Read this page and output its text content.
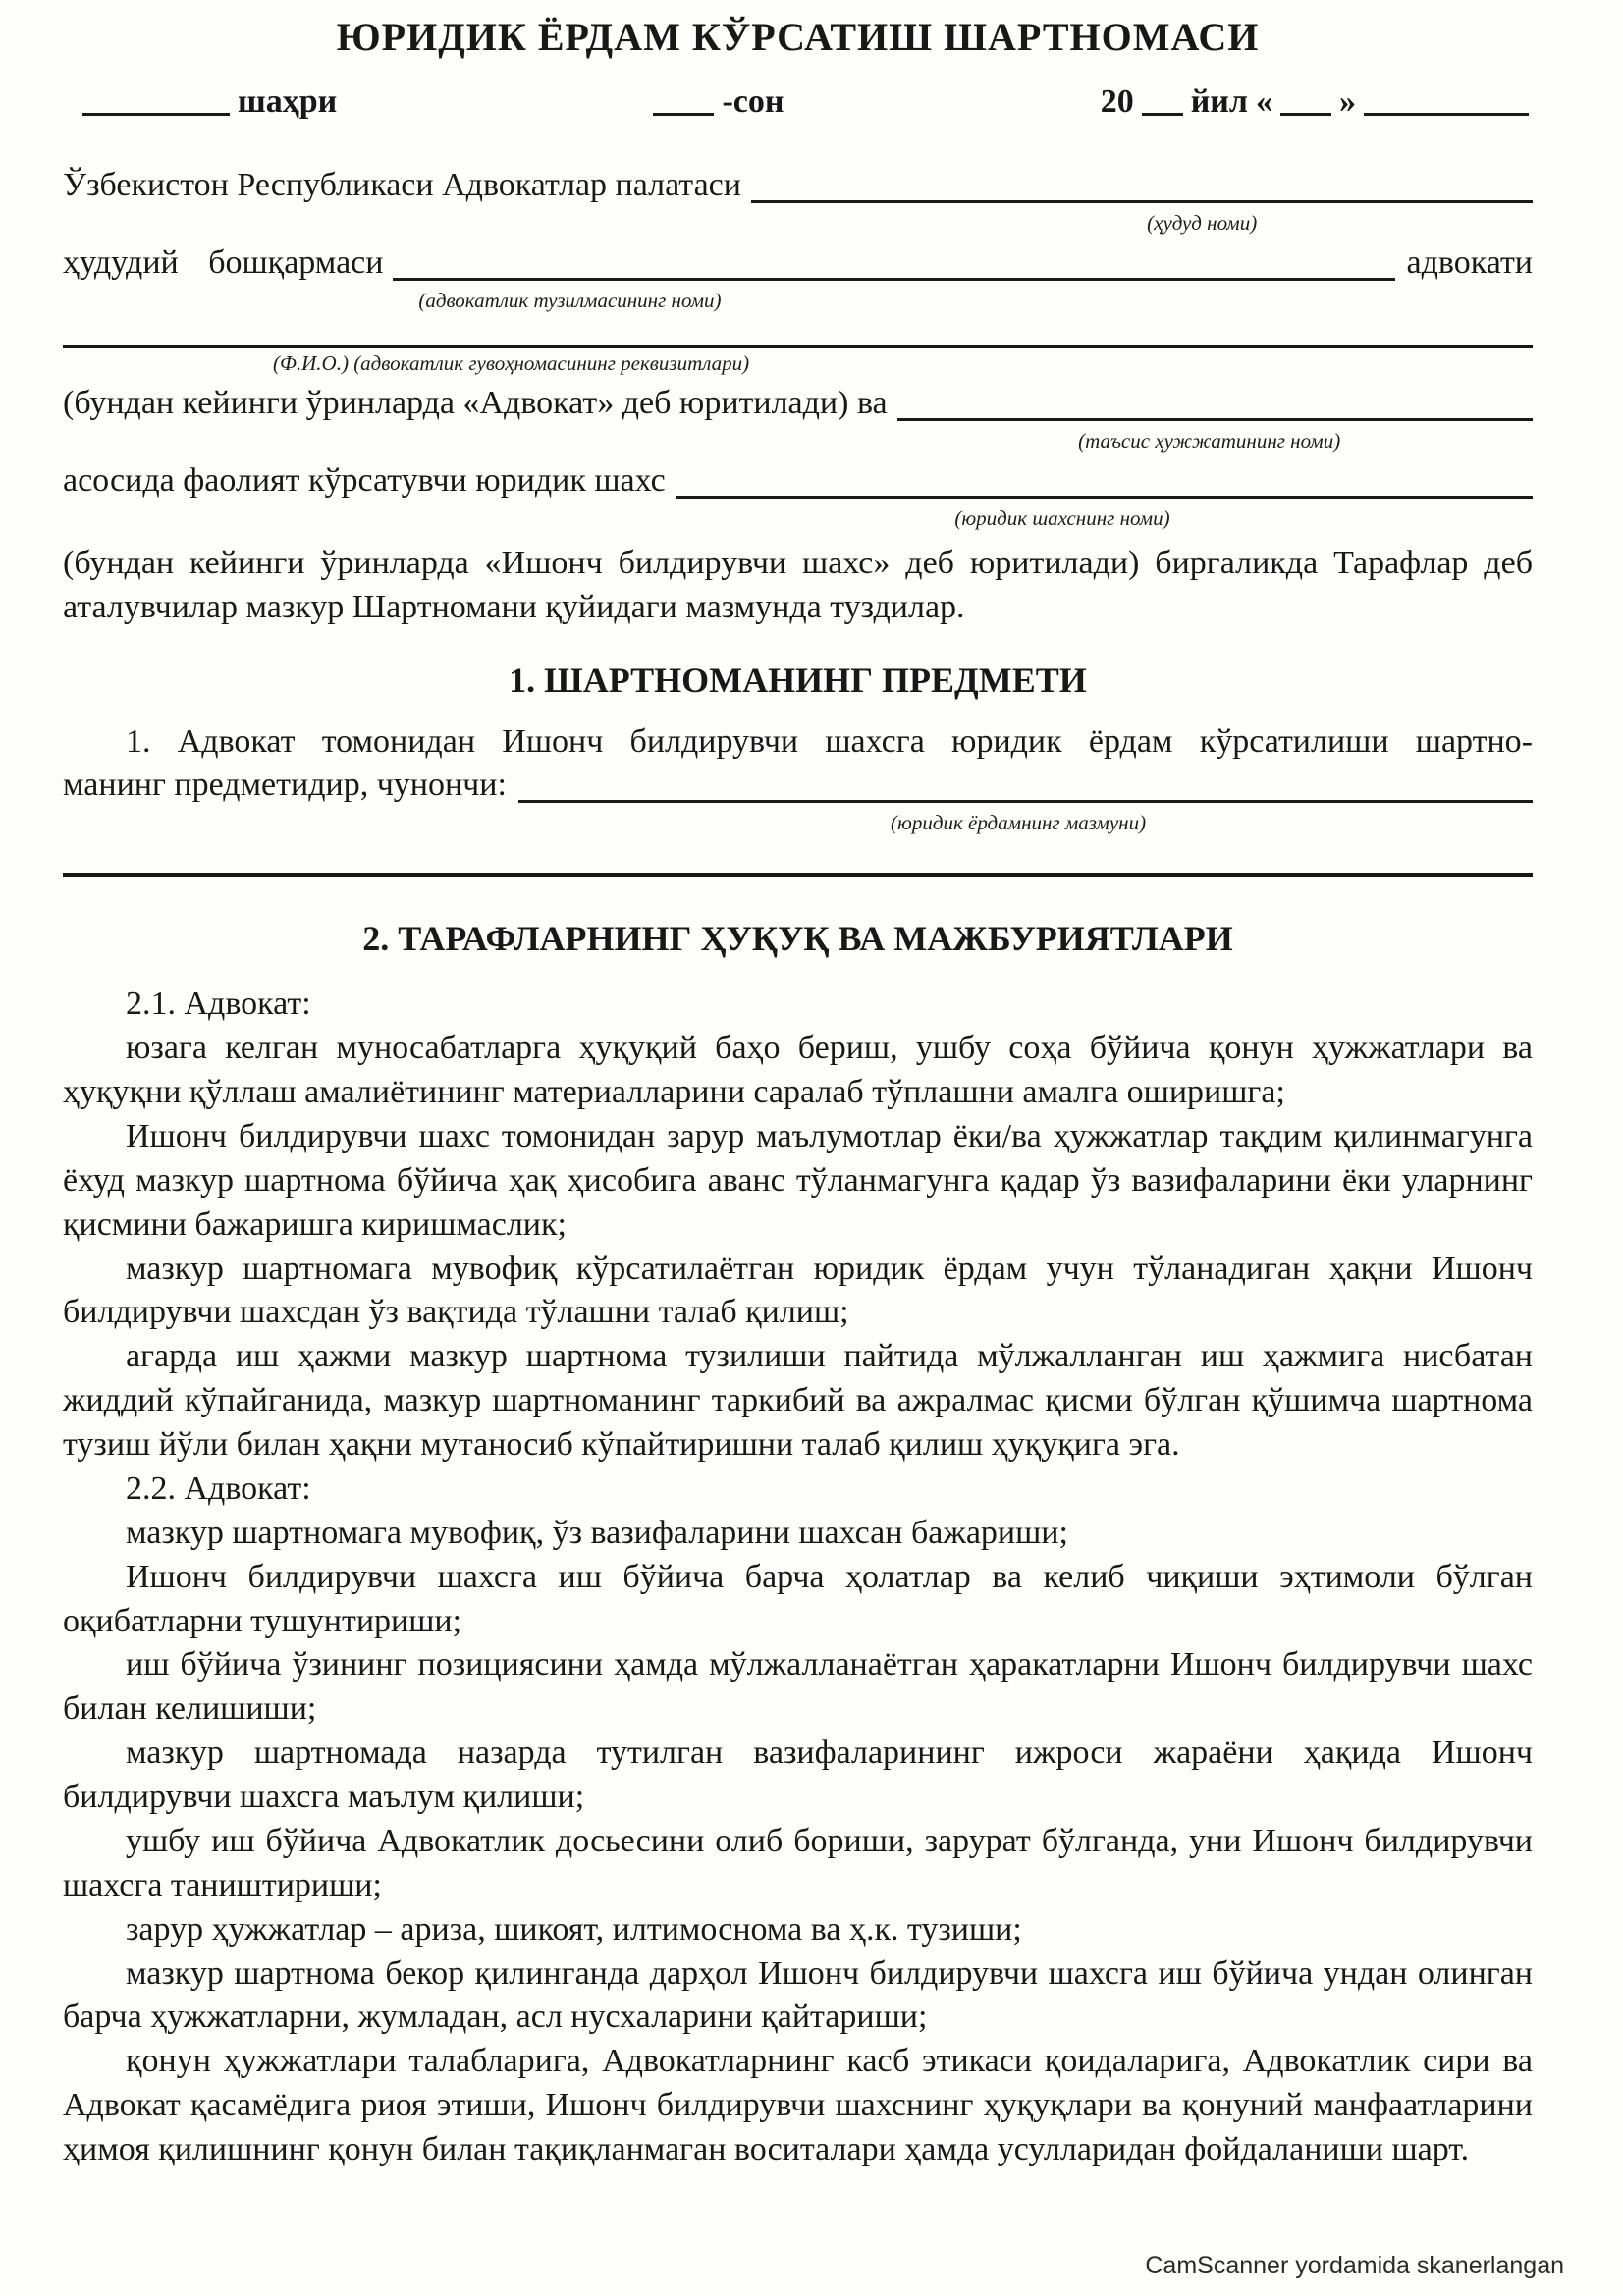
ЮРИДИК ЁРДАМ КЎРСАТИШ ШАРТНОМАСИ
шаҳри	-сон	20 йил « »
Ўзбекистон Республикаси Адвокатлар палатаси
(ҳудуд номи)
ҳудудий бошқармаси	адвокати
(адвокатлик тузилмасининг номи)
(Ф.И.О.) (адвокатлик гувоҳномасининг реквизитлари)
(бундан кейинги ўринларда «Адвокат» деб юритилади) ва
(таъсис ҳужжатининг номи)
асосида фаолият кўрсатувчи юридик шахс
(юридик шахснинг номи)

(бундан кейинги ўринларда «Ишонч билдирувчи шахс» деб юритилади) биргаликда Тарафлар деб аталувчилар мазкур Шартномани қуйидаги мазмунда туздилар.

1. ШАРТНОМАНИНГ ПРЕДМЕТИ

1. Адвокат томонидан Ишонч билдирувчи шахсга юридик ёрдам кўрсатилиши шартно-

манинг предметидир, чунончи:
(юридик ёрдамнинг мазмуни)
2. ТАРАФЛАРНИНГ ҲУҚУҚ ВА МАЖБУРИЯТЛАРИ

2.1. Адвокат:

юзага келган муносабатларга ҳуқуқий баҳо бериш, ушбу соҳа бўйича қонун ҳужжатлари ва ҳуқуқни қўллаш амалиётининг материалларини саралаб тўплашни амалга оширишга;

Ишонч билдирувчи шахс томонидан зарур маълумотлар ёки/ва ҳужжатлар тақдим қилинмагунга ёхуд мазкур шартнома бўйича ҳақ ҳисобига аванс тўланмагунга қадар ўз вазифаларини ёки уларнинг қисмини бажаришга киришмаслик;

мазкур шартномага мувофиқ кўрсатилаётган юридик ёрдам учун тўланадиган ҳақни Ишонч билдирувчи шахсдан ўз вақтида тўлашни талаб қилиш;

агарда иш ҳажми мазкур шартнома тузилиши пайтида мўлжалланган иш ҳажмига нисбатан жиддий кўпайганида, мазкур шартноманинг таркибий ва ажралмас қисми бўлган қўшимча шартнома тузиш йўли билан ҳақни мутаносиб кўпайтиришни талаб қилиш ҳуқуқига эга.

2.2. Адвокат:

мазкур шартномага мувофиқ, ўз вазифаларини шахсан бажариши;

Ишонч билдирувчи шахсга иш бўйича барча ҳолатлар ва келиб чиқиши эҳтимоли бўлган оқибатларни тушунтириши;

иш бўйича ўзининг позициясини ҳамда мўлжалланаётган ҳаракатларни Ишонч билдирувчи шахс билан келишиши;

мазкур шартномада назарда тутилган вазифаларининг ижроси жараёни ҳақида Ишонч билдирувчи шахсга маълум қилиши;

ушбу иш бўйича Адвокатлик досьесини олиб бориши, зарурат бўлганда, уни Ишонч билдирувчи шахсга таништириши;

зарур ҳужжатлар – ариза, шикоят, илтимоснома ва ҳ.к. тузиши;

мазкур шартнома бекор қилинганда дарҳол Ишонч билдирувчи шахсга иш бўйича ундан олинган барча ҳужжатларни, жумладан, асл нусхаларини қайтариши;

қонун ҳужжатлари талабларига, Адвокатларнинг касб этикаси қоидаларига, Адвокатлик сири ва Адвокат қасамёдига риоя этиши, Ишонч билдирувчи шахснинг ҳуқуқлари ва қонуний манфаатларини ҳимоя қилишнинг қонун билан тақиқланмаган воситалари ҳамда усулларидан фойдаланиши шарт.

CamScanner yordamida skanerlangan
